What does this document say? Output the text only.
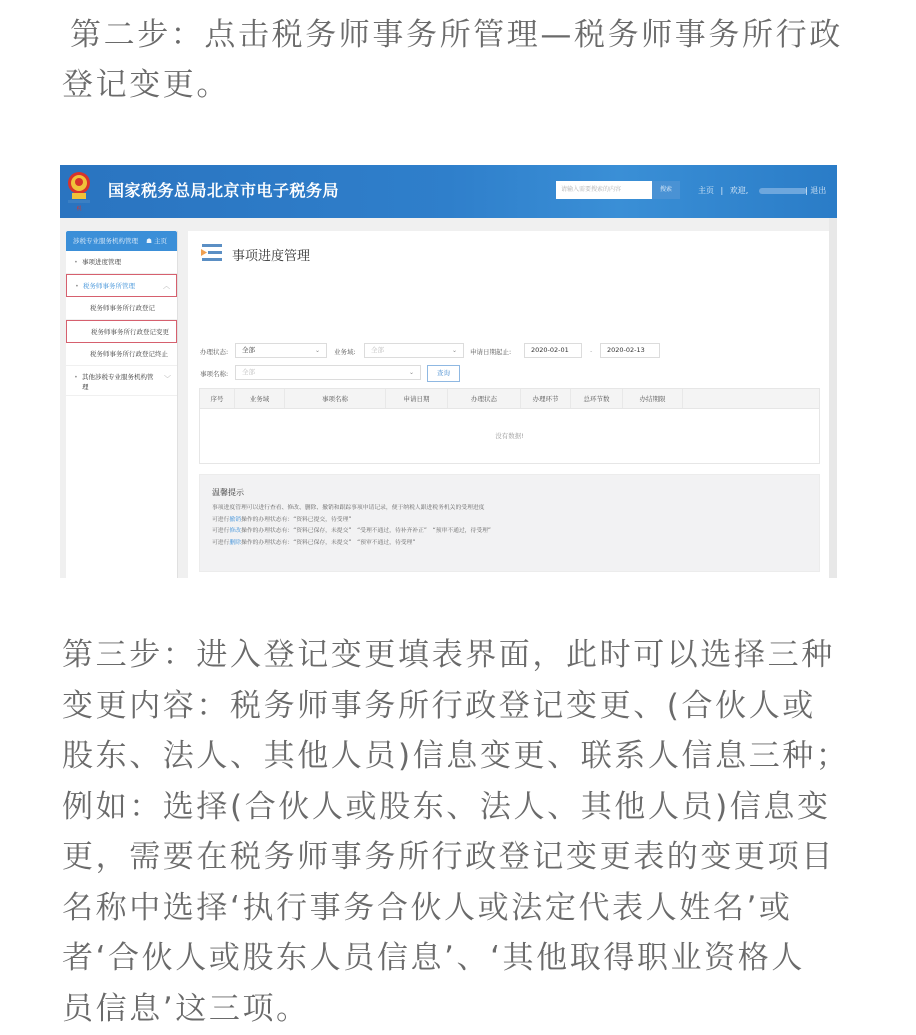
第二步：点击税务师事务所管理—税务师事务所行政
登记变更。
税
国家税务总局北京市电子税务局	请输入需要搜索的内容	搜索	主页 | 欢迎,	| 退出
涉税专业服务机构管理 ☗ 主页
• 事项进度管理
• 税务师事务所管理	︿
税务师事务所行政登记
税务师事务所行政登记变更
税务师事务所行政登记终止
• 其他涉税专业服务机构管理
﹀
事项进度管理
办理状态:	全部	⌄ 业务域:	全部	⌄ 申请日期起止:	2020-02-01	-	2020-02-13
事项名称:	全部	⌄	查询
序号	业务域	事项名称	申请日期	办理状态	办理环节	总环节数	办结期限
没有数据!
温馨提示
事项进度管理可以进行查看、修改、删除、撤销和跟踪事项申请记录，便于纳税人跟进税务机关的受理进度
可进行撤销操作的办理状态有：“资料已提交，待受理”
可进行修改操作的办理状态有：“资料已保存，未提交”　“受理不通过，待补齐补正”　“预审不通过，待受理”
可进行删除操作的办理状态有：“资料已保存，未提交”　“预审不通过，待受理”
第三步：进入登记变更填表界面，此时可以选择三种
变更内容：税务师事务所行政登记变更、(合伙人或
股东、法人、其他人员)信息变更、联系人信息三种；
例如：选择(合伙人或股东、法人、其他人员)信息变
更，需要在税务师事务所行政登记变更表的变更项目
名称中选择‘执行事务合伙人或法定代表人姓名’或
者‘合伙人或股东人员信息’、‘其他取得职业资格人
员信息’这三项。
